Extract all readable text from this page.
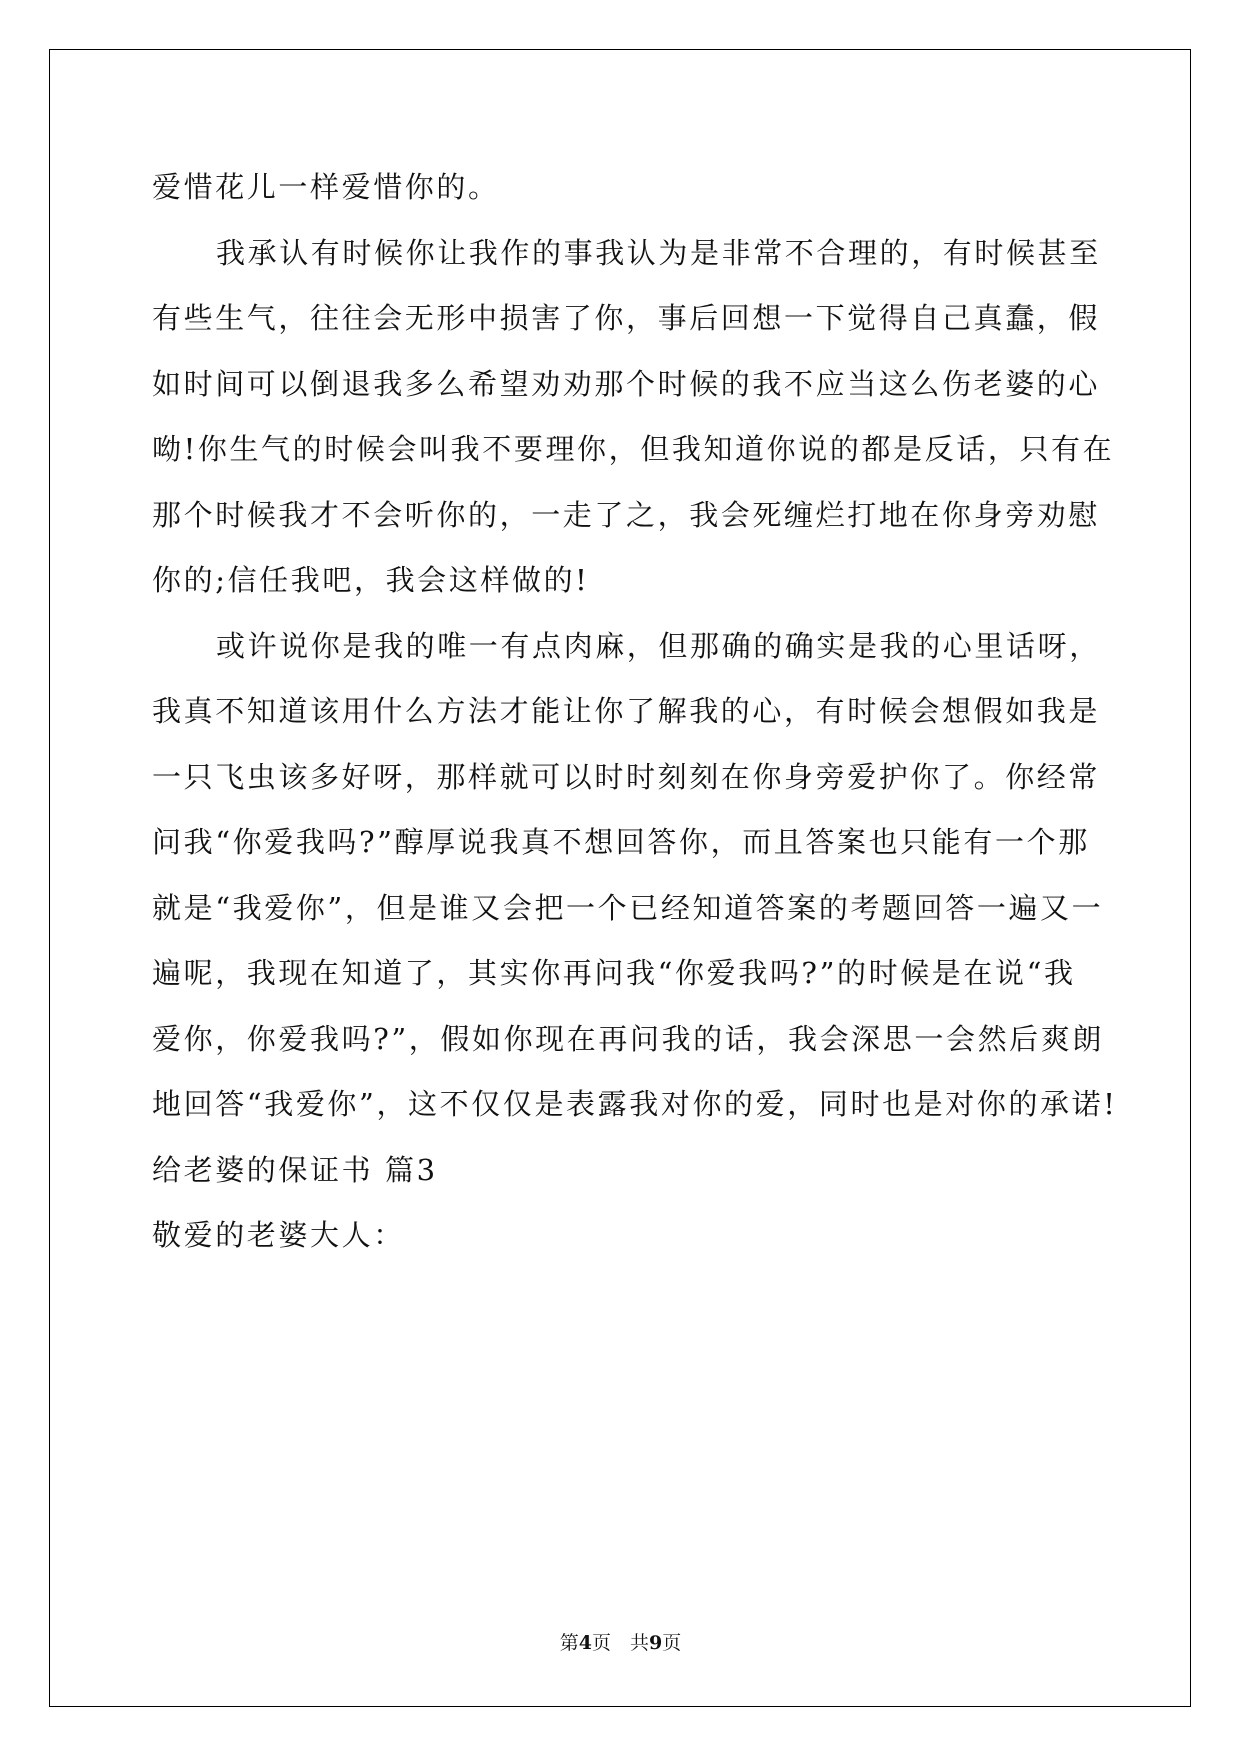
爱惜花儿一样爱惜你的。
我承认有时候你让我作的事我认为是非常不合理的，有时候甚至
有些生气，往往会无形中损害了你，事后回想一下觉得自己真蠢，假
如时间可以倒退我多么希望劝劝那个时候的我不应当这么伤老婆的心
呦!你生气的时候会叫我不要理你，但我知道你说的都是反话，只有在
那个时候我才不会听你的，一走了之，我会死缠烂打地在你身旁劝慰
你的;信任我吧，我会这样做的!
或许说你是我的唯一有点肉麻，但那确的确实是我的心里话呀，
我真不知道该用什么方法才能让你了解我的心，有时候会想假如我是
一只飞虫该多好呀，那样就可以时时刻刻在你身旁爱护你了。你经常
问我“你爱我吗?”醇厚说我真不想回答你，而且答案也只能有一个那
就是“我爱你”，但是谁又会把一个已经知道答案的考题回答一遍又一
遍呢，我现在知道了，其实你再问我“你爱我吗?”的时候是在说“我
爱你，你爱我吗?”，假如你现在再问我的话，我会深思一会然后爽朗
地回答“我爱你”，这不仅仅是表露我对你的爱，同时也是对你的承诺!
给老婆的保证书 篇3
敬爱的老婆大人：
第4页　共9页
